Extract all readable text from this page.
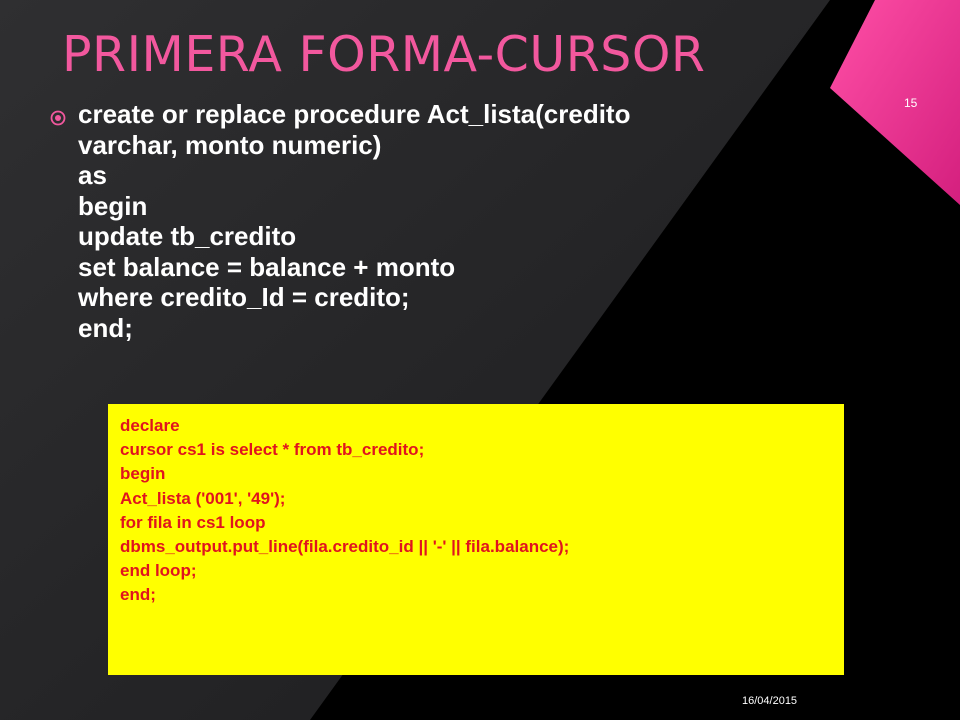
PRIMERA FORMA-CURSOR
15
create or replace procedure Act_lista(credito
varchar, monto numeric)
as
begin
update tb_credito
set balance = balance + monto
where credito_Id = credito;
end;
declare
cursor cs1 is select * from tb_credito;
begin
Act_lista ('001', '49');
for fila in cs1 loop
dbms_output.put_line(fila.credito_id || '-' || fila.balance);
end loop;
end;
16/04/2015
